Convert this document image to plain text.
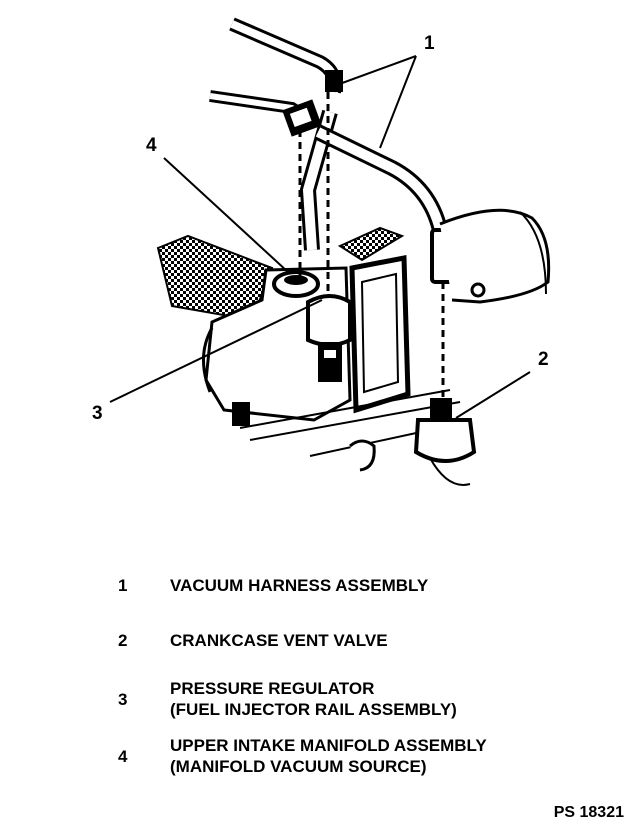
1
2
3
4
1	VACUUM HARNESS ASSEMBLY
2	CRANKCASE VENT VALVE
3
PRESSURE REGULATOR
(FUEL INJECTOR RAIL ASSEMBLY)
4
UPPER INTAKE MANIFOLD ASSEMBLY
(MANIFOLD VACUUM SOURCE)
PS 18321
